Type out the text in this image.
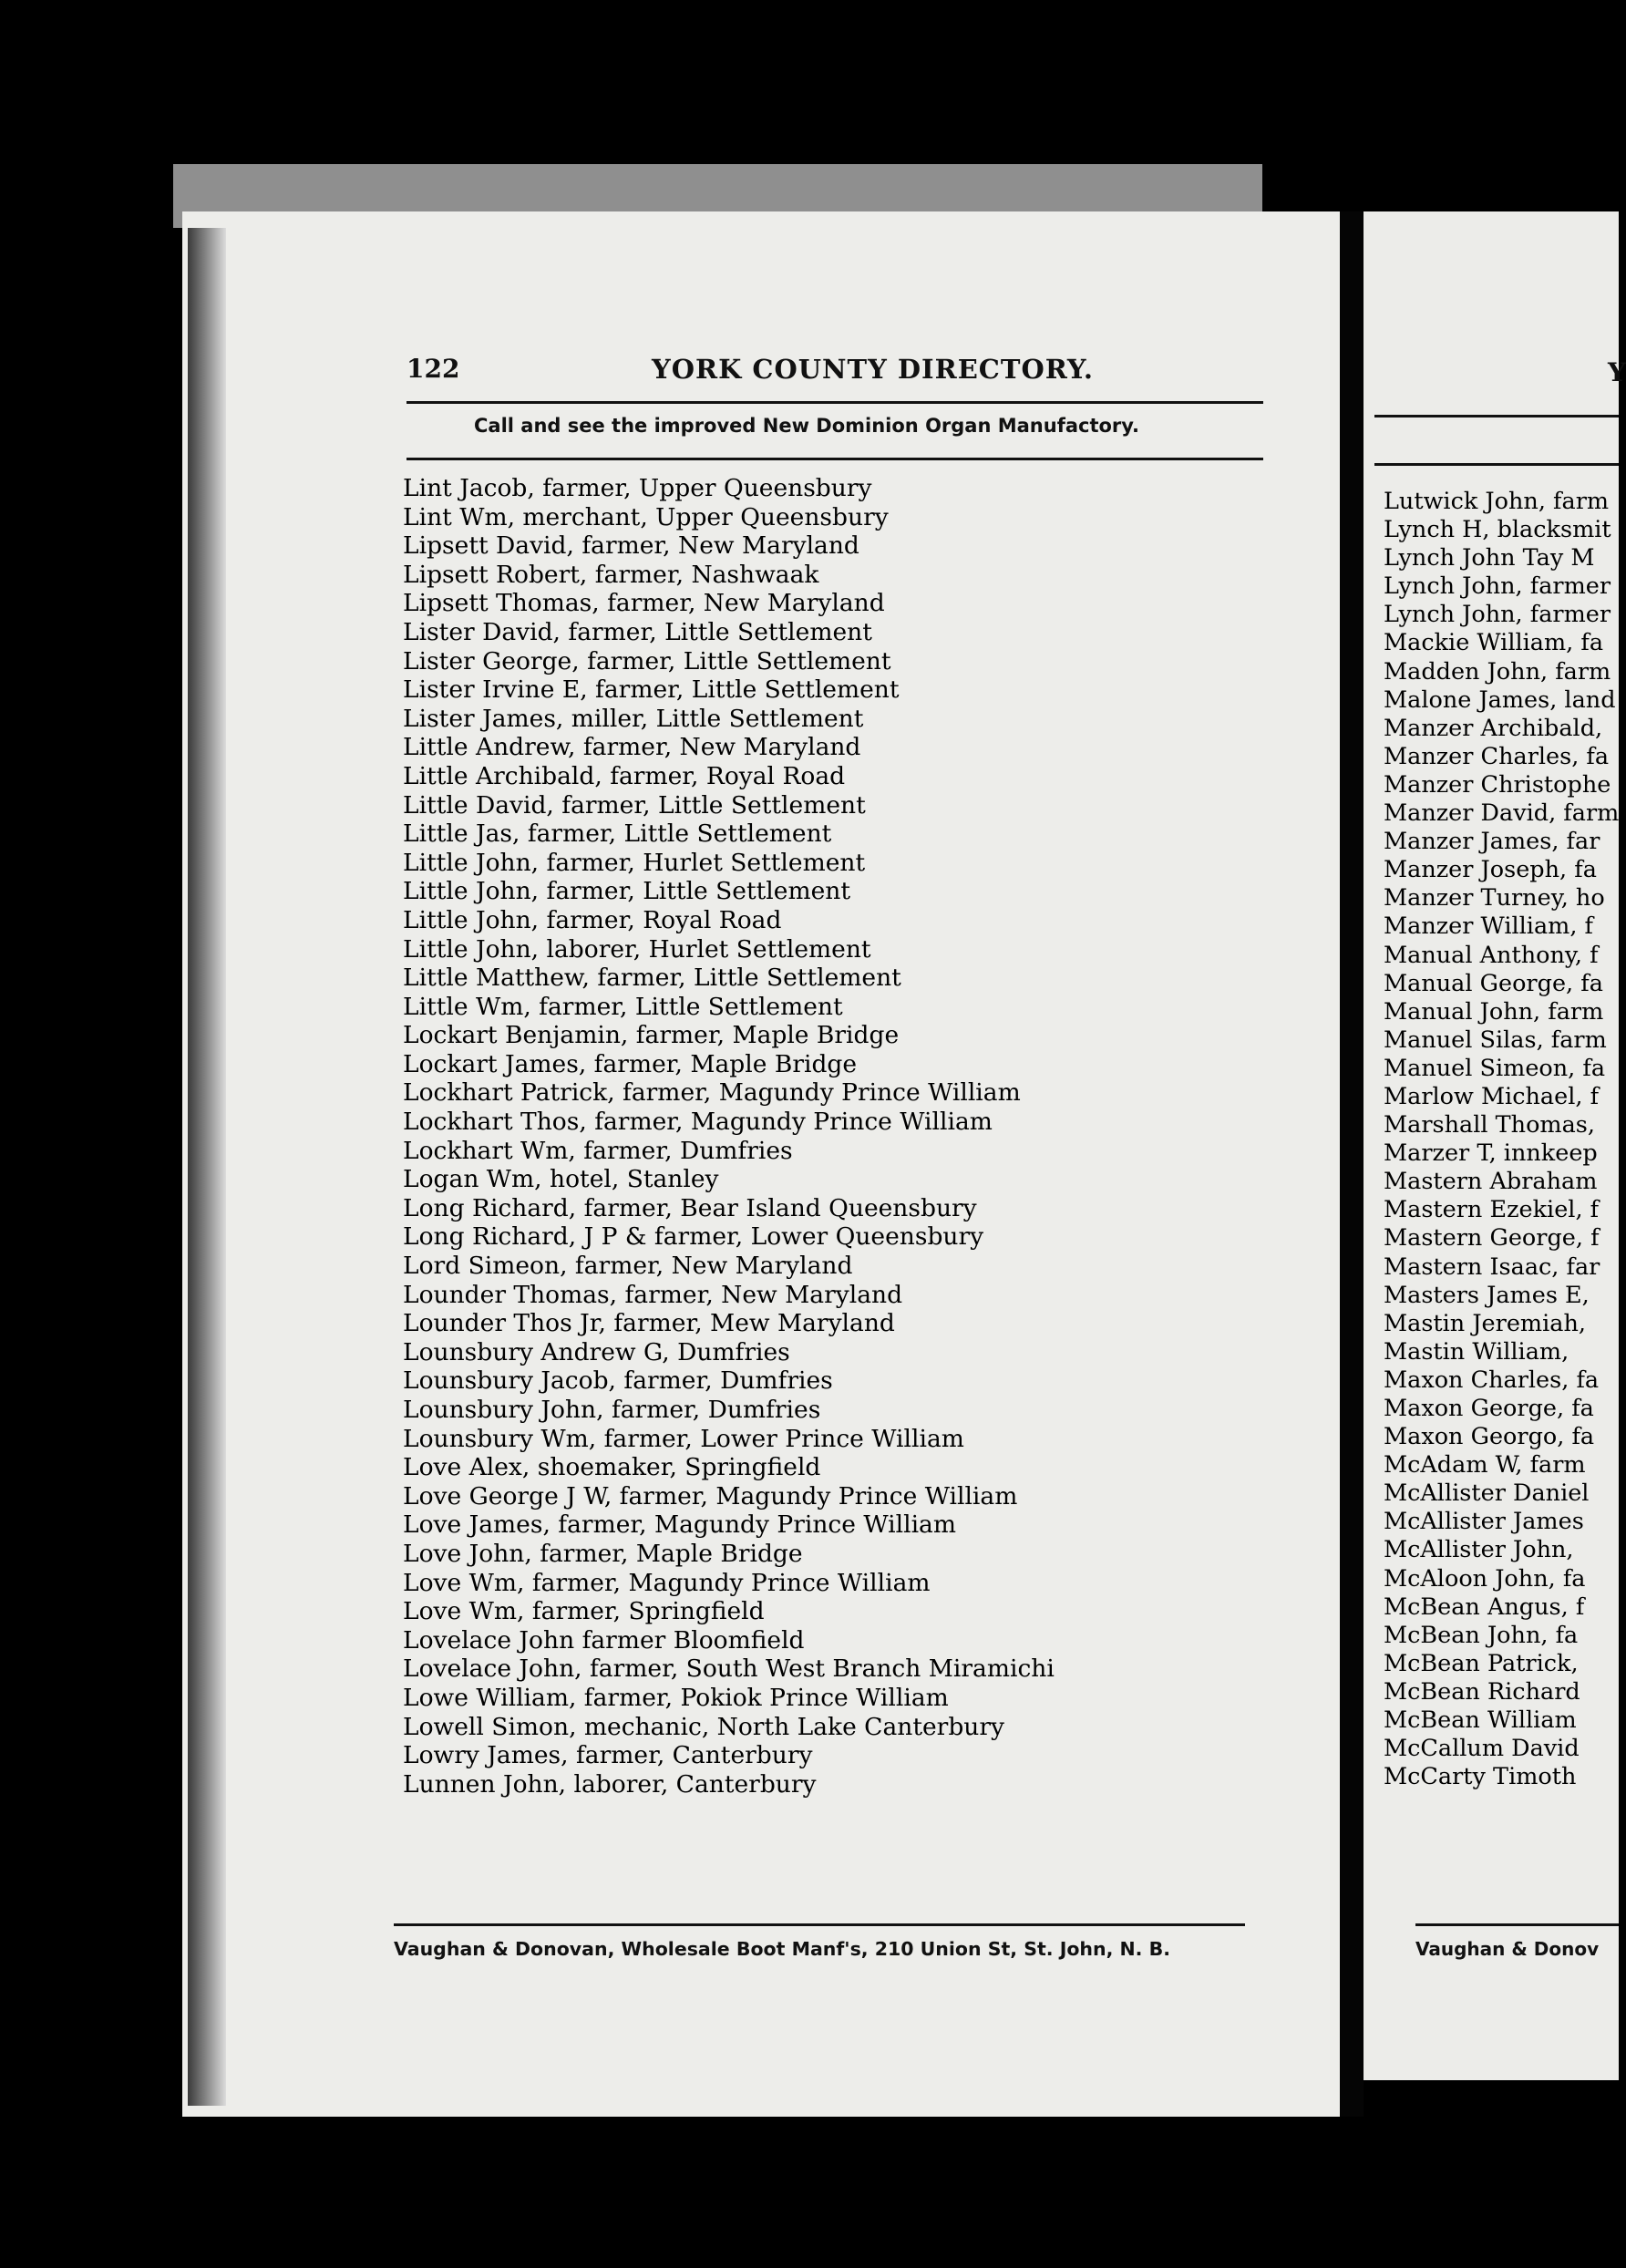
122	YORK COUNTY DIRECTORY.	Y
Call and see the improved New Dominion Organ Manufactory.
Lint Jacob, farmer, Upper Queensbury
Lint Wm, merchant, Upper Queensbury
Lipsett David, farmer, New Maryland
Lipsett Robert, farmer, Nashwaak
Lipsett Thomas, farmer, New Maryland
Lister David, farmer, Little Settlement
Lister George, farmer, Little Settlement
Lister Irvine E, farmer, Little Settlement
Lister James, miller, Little Settlement
Little Andrew, farmer, New Maryland
Little Archibald, farmer, Royal Road
Little David, farmer, Little Settlement
Little Jas, farmer, Little Settlement
Little John, farmer, Hurlet Settlement
Little John, farmer, Little Settlement
Little John, farmer, Royal Road
Little John, laborer, Hurlet Settlement
Little Matthew, farmer, Little Settlement
Little Wm, farmer, Little Settlement
Lockart Benjamin, farmer, Maple Bridge
Lockart James, farmer, Maple Bridge
Lockhart Patrick, farmer, Magundy Prince William
Lockhart Thos, farmer, Magundy Prince William
Lockhart Wm, farmer, Dumfries
Logan Wm, hotel, Stanley
Long Richard, farmer, Bear Island Queensbury
Long Richard, J P & farmer, Lower Queensbury
Lord Simeon, farmer, New Maryland
Lounder Thomas, farmer, New Maryland
Lounder Thos Jr, farmer, Mew Maryland
Lounsbury Andrew G, Dumfries
Lounsbury Jacob, farmer, Dumfries
Lounsbury John, farmer, Dumfries
Lounsbury Wm, farmer, Lower Prince William
Love Alex, shoemaker, Springfield
Love George J W, farmer, Magundy Prince William
Love James, farmer, Magundy Prince William
Love John, farmer, Maple Bridge
Love Wm, farmer, Magundy Prince William
Love Wm, farmer, Springfield
Lovelace John farmer Bloomfield
Lovelace John, farmer, South West Branch Miramichi
Lowe William, farmer, Pokiok Prince William
Lowell Simon, mechanic, North Lake Canterbury
Lowry James, farmer, Canterbury
Lunnen John, laborer, Canterbury
Lutwick John, farm
Lynch H, blacksmit
Lynch John Tay M
Lynch John, farmer
Lynch John, farmer
Mackie William, fa
Madden John, farm
Malone James, land
Manzer Archibald,
Manzer Charles, fa
Manzer Christophe
Manzer David, farm
Manzer James, far
Manzer Joseph, fa
Manzer Turney, ho
Manzer William, f
Manual Anthony, f
Manual George, fa
Manual John, farm
Manuel Silas, farm
Manuel Simeon, fa
Marlow Michael, f
Marshall Thomas,
Marzer T, innkeep
Mastern Abraham
Mastern Ezekiel, f
Mastern George, f
Mastern Isaac, far
Masters James E,
Mastin Jeremiah,
Mastin William,
Maxon Charles, fa
Maxon George, fa
Maxon Georgo, fa
McAdam W, farm
McAllister Daniel
McAllister James
McAllister John,
McAloon John, fa
McBean Angus, f
McBean John, fa
McBean Patrick,
McBean Richard
McBean William
McCallum David
McCarty Timoth
Vaughan & Donovan, Wholesale Boot Manf's, 210 Union St, St. John, N. B.	Vaughan & Donov
